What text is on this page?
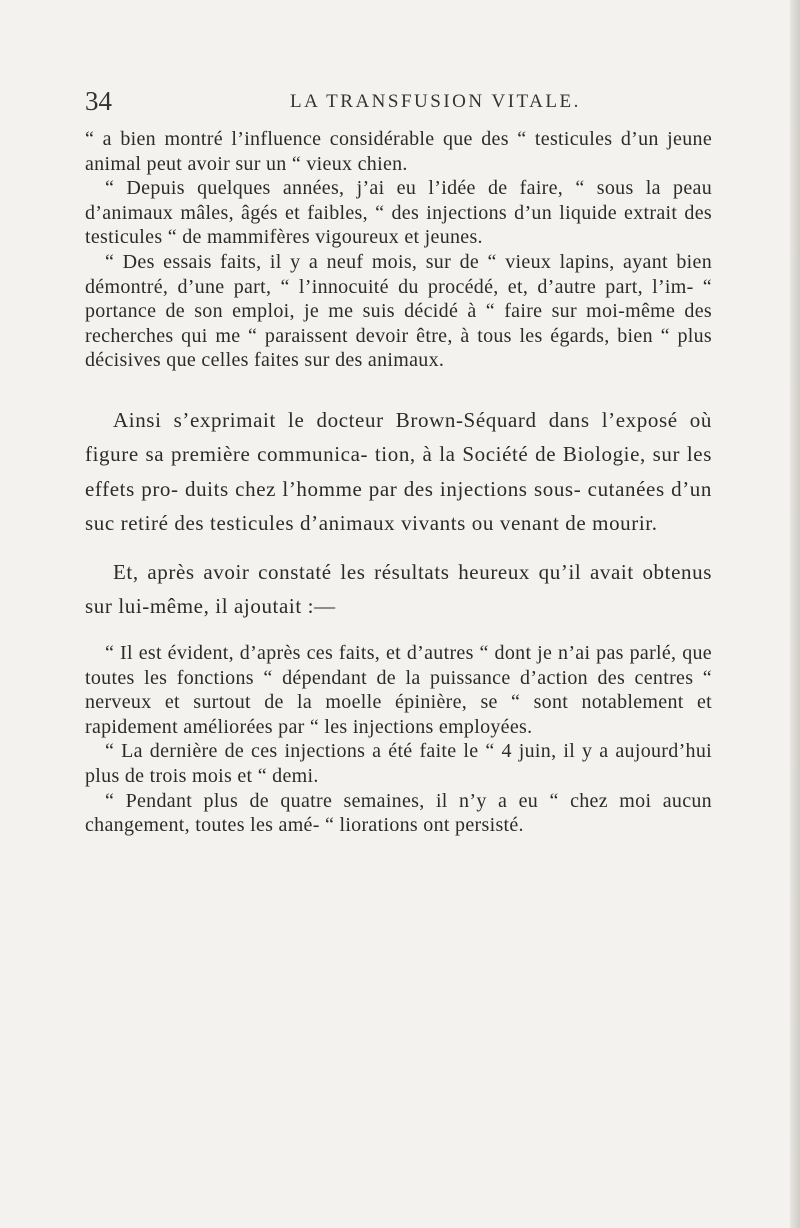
34	LA TRANSFUSION VITALE.

“ a bien montré l’influence considérable que des “ testicules d’un jeune animal peut avoir sur un “ vieux chien.

“ Depuis quelques années, j’ai eu l’idée de faire, “ sous la peau d’animaux mâles, âgés et faibles, “ des injections d’un liquide extrait des testicules “ de mammifères vigoureux et jeunes.

“ Des essais faits, il y a neuf mois, sur de “ vieux lapins, ayant bien démontré, d’une part, “ l’innocuité du procédé, et, d’autre part, l’im- “ portance de son emploi, je me suis décidé à “ faire sur moi-même des recherches qui me “ paraissent devoir être, à tous les égards, bien “ plus décisives que celles faites sur des animaux.

Ainsi s’exprimait le docteur Brown-Séquard dans l’exposé où figure sa première communica- tion, à la Société de Biologie, sur les effets pro- duits chez l’homme par des injections sous- cutanées d’un suc retiré des testicules d’animaux vivants ou venant de mourir.

Et, après avoir constaté les résultats heureux qu’il avait obtenus sur lui-même, il ajoutait :—

“ Il est évident, d’après ces faits, et d’autres “ dont je n’ai pas parlé, que toutes les fonctions “ dépendant de la puissance d’action des centres “ nerveux et surtout de la moelle épinière, se “ sont notablement et rapidement améliorées par “ les injections employées.

“ La dernière de ces injections a été faite le “ 4 juin, il y a aujourd’hui plus de trois mois et “ demi.

“ Pendant plus de quatre semaines, il n’y a eu “ chez moi aucun changement, toutes les amé- “ liorations ont persisté.
